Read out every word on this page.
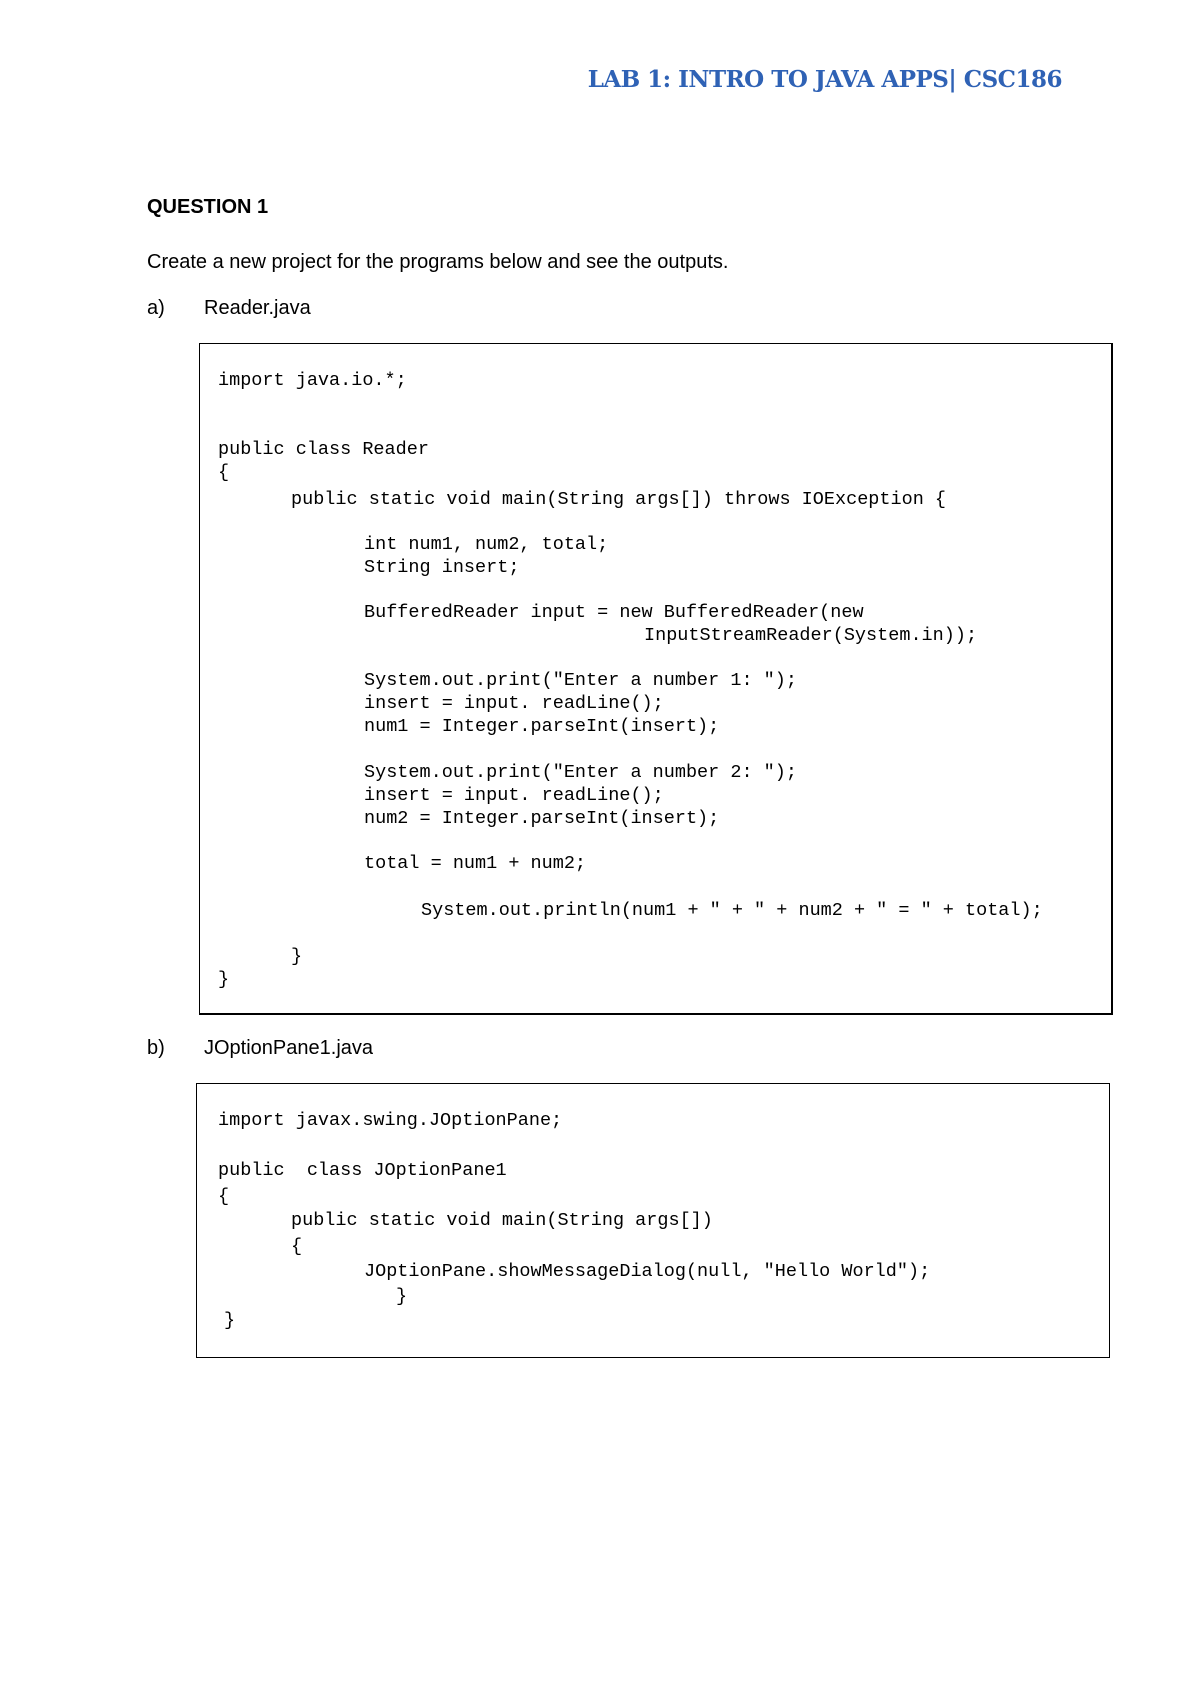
LAB 1: INTRO TO JAVA APPS| CSC186
QUESTION 1
Create a new project for the programs below and see the outputs.
a) Reader.java
import java.io.*;
public class Reader
{
public static void main(String args[]) throws IOException {
int num1, num2, total;
String insert;
BufferedReader input = new BufferedReader(new
InputStreamReader(System.in));
System.out.print("Enter a number 1: ");
insert = input. readLine();
num1 = Integer.parseInt(insert);
System.out.print("Enter a number 2: ");
insert = input. readLine();
num2 = Integer.parseInt(insert);
total = num1 + num2;
System.out.println(num1 + " + " + num2 + " = " + total);
}
}
b) JOptionPane1.java
import javax.swing.JOptionPane;
public  class JOptionPane1
{
public static void main(String args[])
{
JOptionPane.showMessageDialog(null, "Hello World");
}
}
